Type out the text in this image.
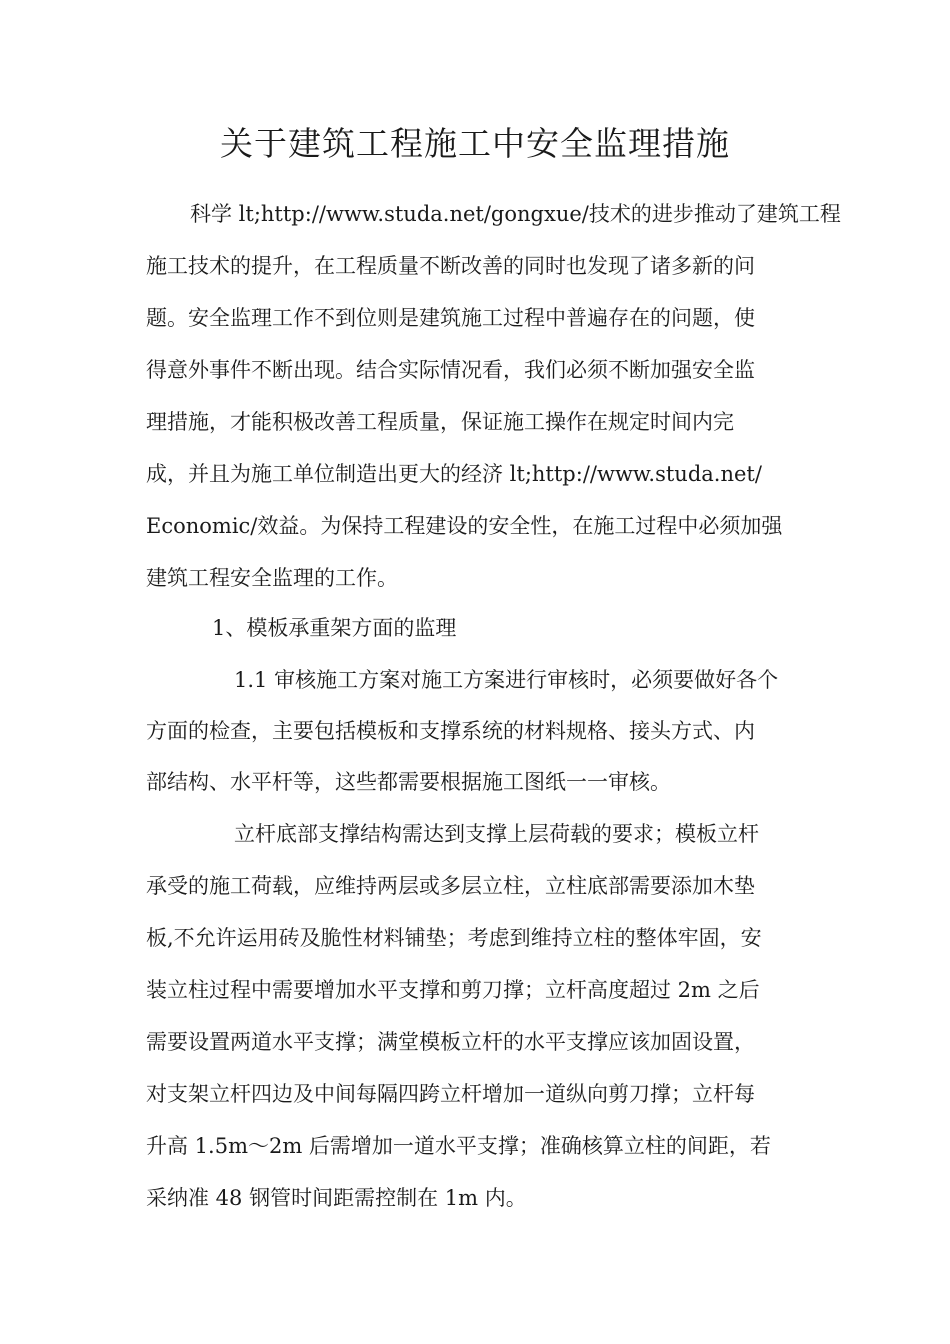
关于建筑工程施工中安全监理措施
科学 lt;http://www.studa.net/gongxue/技术的进步推动了建筑工程
施工技术的提升，在工程质量不断改善的同时也发现了诸多新的问
题。安全监理工作不到位则是建筑施工过程中普遍存在的问题，使
得意外事件不断出现。结合实际情况看，我们必须不断加强安全监
理措施，才能积极改善工程质量，保证施工操作在规定时间内完
成，并且为施工单位制造出更大的经济 lt;http://www.studa.net/
Economic/效益。为保持工程建设的安全性，在施工过程中必须加强
建筑工程安全监理的工作。
1、模板承重架方面的监理
1.1 审核施工方案对施工方案进行审核时，必须要做好各个
方面的检查，主要包括模板和支撑系统的材料规格、接头方式、内
部结构、水平杆等，这些都需要根据施工图纸一一审核。
立杆底部支撑结构需达到支撑上层荷载的要求；模板立杆
承受的施工荷载，应维持两层或多层立柱，立柱底部需要添加木垫
板,不允许运用砖及脆性材料铺垫；考虑到维持立柱的整体牢固，安
装立柱过程中需要增加水平支撑和剪刀撑；立杆高度超过 2m 之后
需要设置两道水平支撑；满堂模板立杆的水平支撑应该加固设置，
对支架立杆四边及中间每隔四跨立杆增加一道纵向剪刀撑；立杆每
升高 1.5m～2m 后需增加一道水平支撑；准确核算立柱的间距，若
采纳准 48 钢管时间距需控制在 1m 内。
